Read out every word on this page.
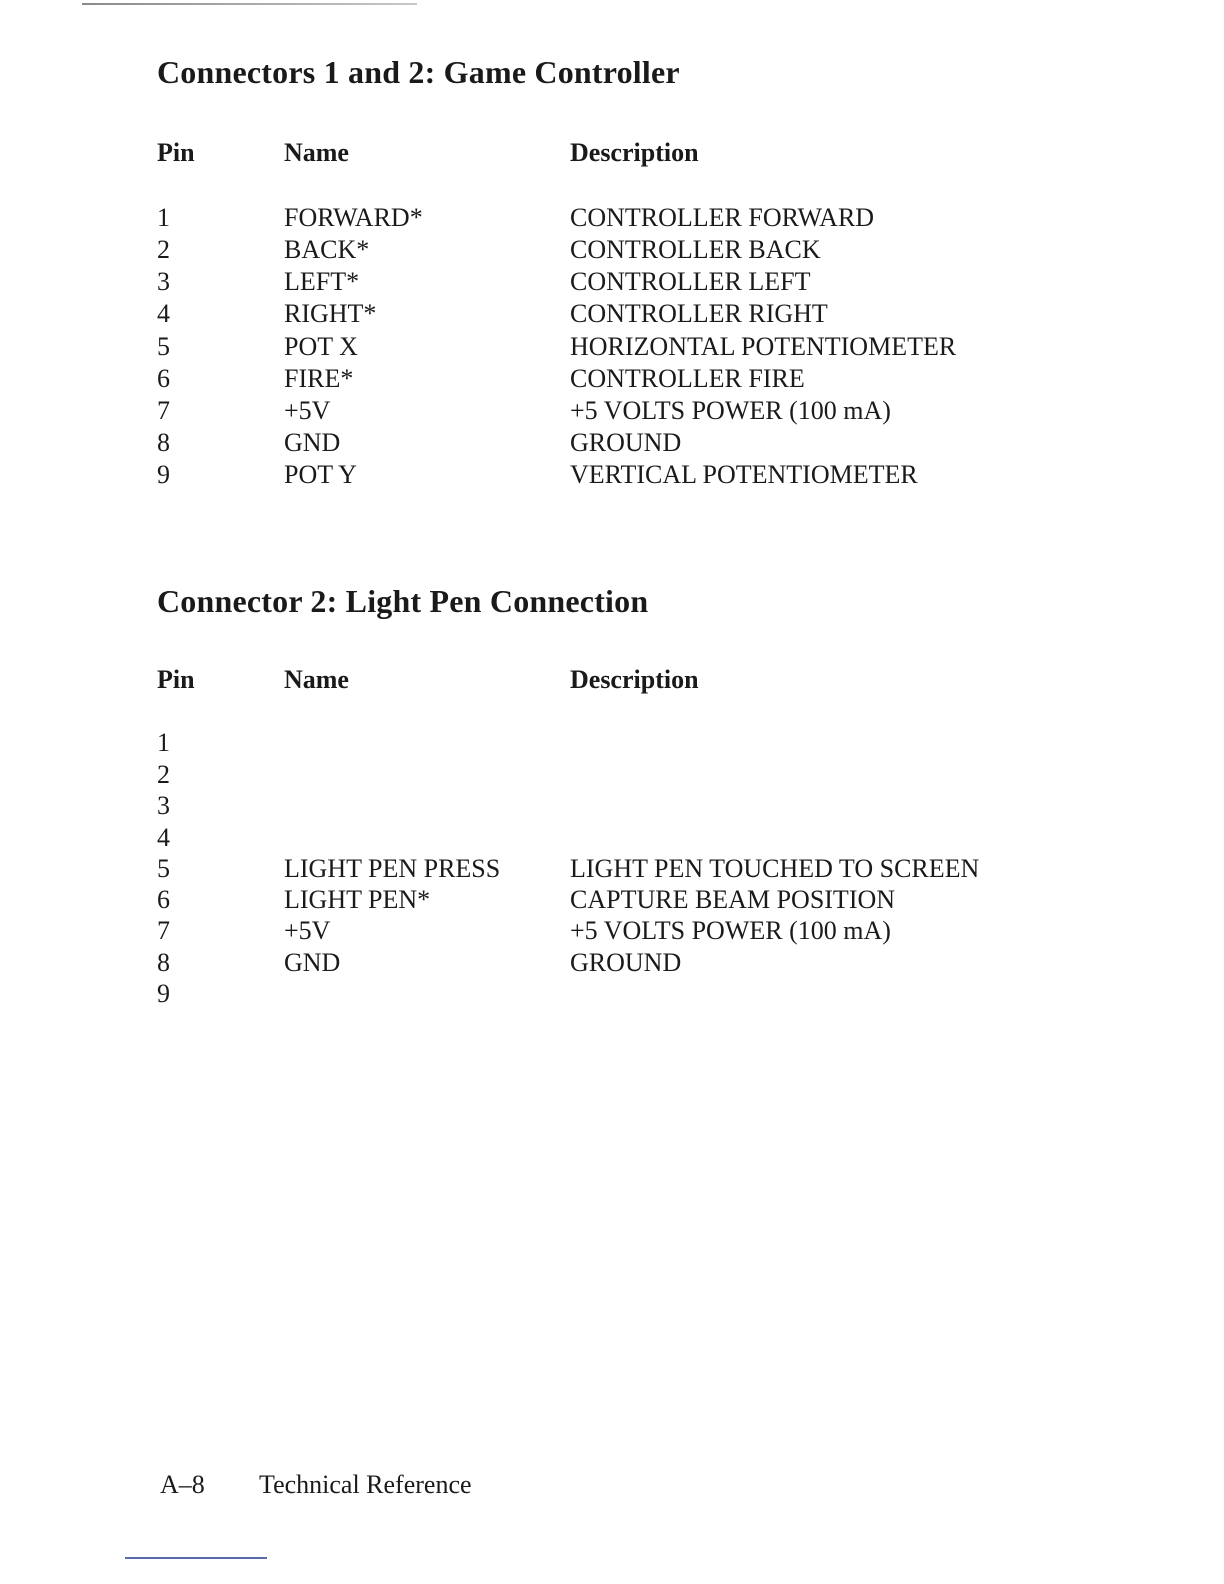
Connectors 1 and 2: Game Controller
Pin	Name	Description
1	FORWARD*	CONTROLLER FORWARD
2	BACK*	CONTROLLER BACK
3	LEFT*	CONTROLLER LEFT
4	RIGHT*	CONTROLLER RIGHT
5	POT X	HORIZONTAL POTENTIOMETER
6	FIRE*	CONTROLLER FIRE
7	+5V	+5 VOLTS POWER (100 mA)
8	GND	GROUND
9	POT Y	VERTICAL POTENTIOMETER
Connector 2: Light Pen Connection
Pin	Name	Description
1
2
3
4
5	LIGHT PEN PRESS	LIGHT PEN TOUCHED TO SCREEN
6	LIGHT PEN*	CAPTURE BEAM POSITION
7	+5V	+5 VOLTS POWER (100 mA)
8	GND	GROUND
9
A–8 Technical Reference
